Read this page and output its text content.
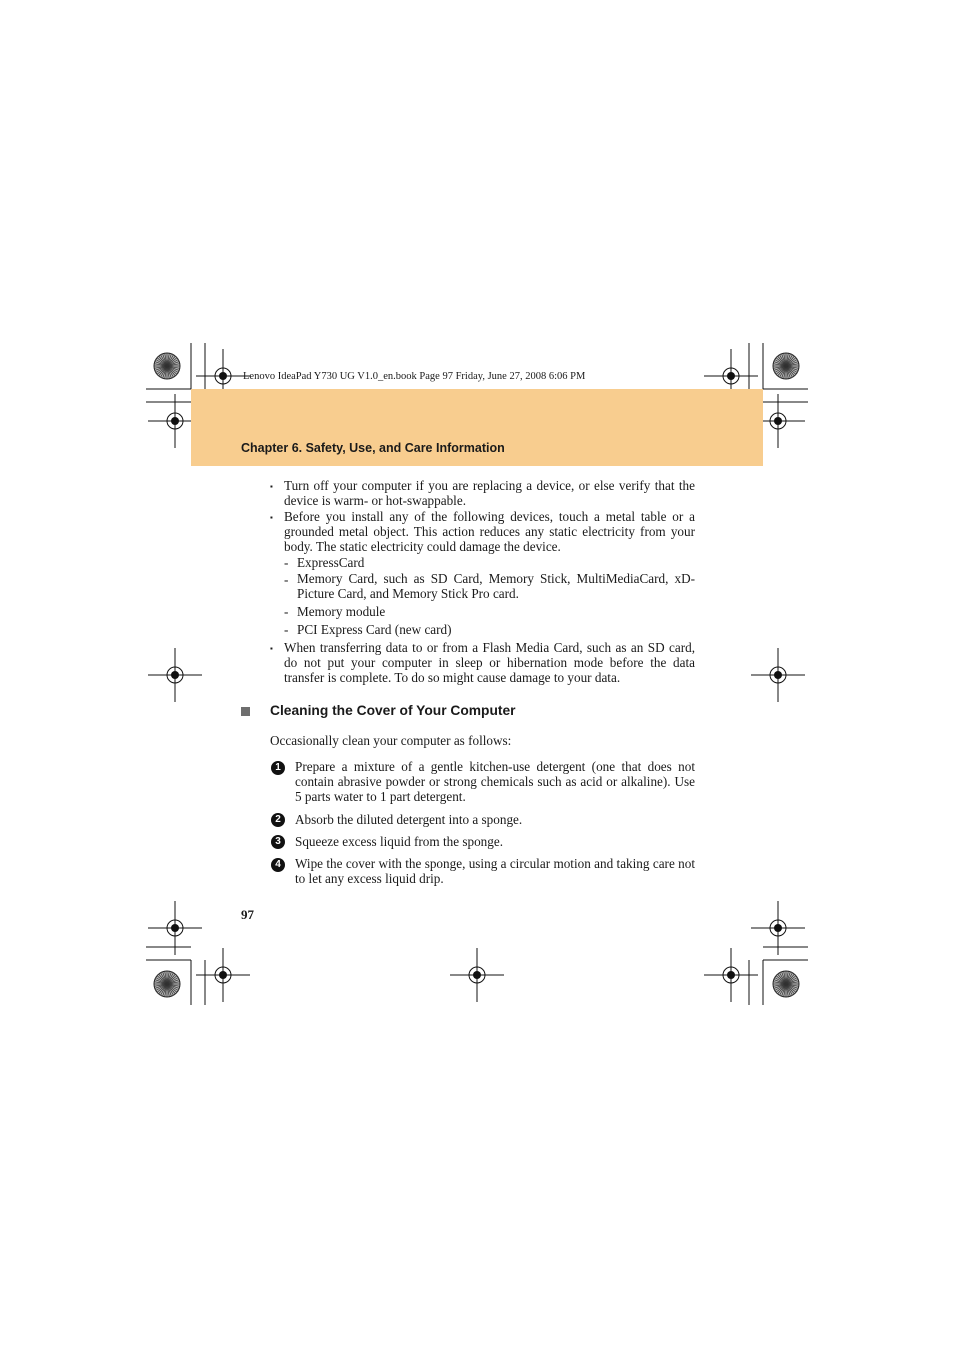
Lenovo IdeaPad Y730 UG V1.0_en.book Page 97 Friday, June 27, 2008 6:06 PM
Chapter 6. Safety, Use, and Care Information
▪ Turn off your computer if you are replacing a device, or else verify that the device is warm- or hot-swappable.
▪ Before you install any of the following devices, touch a metal table or a grounded metal object. This action reduces any static electricity from your body. The static electricity could damage the device.
- ExpressCard
- Memory Card, such as SD Card, Memory Stick, MultiMediaCard, xD-Picture Card, and Memory Stick Pro card.
- Memory module
- PCI Express Card (new card)
▪ When transferring data to or from a Flash Media Card, such as an SD card, do not put your computer in sleep or hibernation mode before the data transfer is complete. To do so might cause damage to your data.
Cleaning the Cover of Your Computer
Occasionally clean your computer as follows:
1	Prepare a mixture of a gentle kitchen-use detergent (one that does not contain abrasive powder or strong chemicals such as acid or alkaline). Use 5 parts water to 1 part detergent.
2	Absorb the diluted detergent into a sponge.
3	Squeeze excess liquid from the sponge.
4	Wipe the cover with the sponge, using a circular motion and taking care not to let any excess liquid drip.
97
